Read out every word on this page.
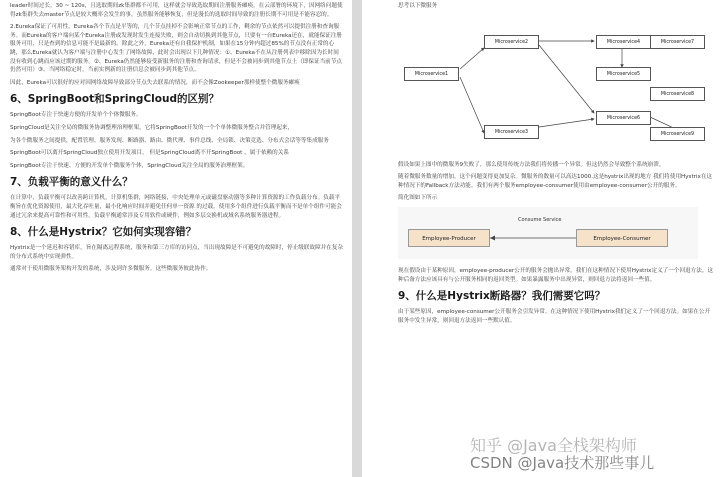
leader时间过长，30 ~ 120s，且选取期间zk集群都不可用，这样就会导致选取期间注册服务瘫痪。在云部署的环境下，因网络问题使得zk集群失去master节点是较大概率会发生的事，虽然服务能够恢复，但是漫长的选取时间导致的注册长期不可用是不能容忍的。

2.Eureka保证了可用性，Eureka各个节点是平等的，几个节点挂掉不会影响正常节点的工作，剩余的节点依然可以提供注册和查询服务。而Eureka的客户端向某个Eureka注册或发现时发生连接失败，则会自动切换到其他节点，只要有一台Eureka还在，就能保证注册服务可用，只是查到的信息可能不是最新的。除此之外，Eureka还有自我保护机制，如果在15分钟内超过85%的节点没有正常的心跳，那么Eureka就认为客户端与注册中心发生了网络故障，此时会出现以下几种情况：①、Eureka不在从注册列表中移除因为长时间没有收到心跳而应该过期的服务。②、Eureka仍然能够接受新服务的注册和查询请求，但是不会被同步到其他节点上（即保证当前节点仍然可用）③、当网络稳定时，当前实例新的注册信息会被同步到其他节点。

因此，Eureka可以很好的应对因网络故障导致部分节点失去联系的情况，而不会像Zookeeper那样使整个微服务瘫痪

6、SpringBoot和SpringCloud的区别？

SpringBoot专注于快速方便的开发单个个体微服务。

SpringCloud是关注全局的微服务协调整理治理框架，它将SpringBoot开发的一个个单体微服务整合并管理起来，

为各个微服务之间提供，配置管理、服务发现、断路器、路由、微代理、事件总线、全局锁、决策竞选、分布式会话等等集成服务

SpringBoot可以离开SpringCloud独立使用开发项目， 但是SpringCloud离不开SpringBoot ，属于依赖的关系

SpringBoot专注于快速、方便的开发单个微服务个体，SpringCloud关注全局的服务治理框架。

7、负载平衡的意义什么？

在计算中，负载平衡可以改善跨计算机，计算机集群，网络链接，中央处理单元或磁盘驱动器等多种计算资源的工作负载分布。负载平衡旨在优化资源使用，最大化吞吐量，最小化响应时间并避免任何单一资源 的过载。使用多个组件进行负载平衡而不是单个组件可能会通过冗余来提高可靠性和可用性。负载平衡通常涉及专用软件或硬件，例如多层交换机或域名系统服务器进程。

8、什么是Hystrix？它如何实现容错？

Hystrix是一个延迟和容错库，旨在隔离远程系统，服务和第三方库的访问点，当出现故障是不可避免的故障时，停止级联故障并在复杂的分布式系统中实现弹性。

通常对于使用微服务架构开发的系统，涉及到许多微服务。这些微服务彼此协作。

思考以下微服务

Microservice1
Microservice2
Microservice3
Microservice4
Microservice5
Microservice6
Microservice7
Microservice8
Microservice9

假设如果上图中的微服务9失败了，那么使用传统方法我们将传播一个异常。但这仍然会导致整个系统崩溃。

随着微服务数量的增加，这个问题变得更加复杂。微服务的数量可以高达1000.这是hystrix出现的地方 我们将使用Hystrix在这种情况下的Fallback方法功能。我们有两个服务employee-consumer使用由employee-consumer公开的服务。

简化图如下所示

Employee-Producer
Consume Service
Employee-Consumer

现在假设由于某种原因，employee-producer公开的服务会抛出异常。我们在这种情况下使用Hystrix定义了一个回退方法。这种后备方法应该具有与公开服务相同的返回类型。如果暴露服务中出现异常，则回退方法将返回一些值。

9、什么是Hystrix断路器？我们需要它吗？

由于某些原因，employee-consumer公开服务会引发异常。在这种情况下使用Hystrix我们定义了一个回退方法。如果在公开服务中发生异常，则回退方法返回一些默认值。

知乎 @Java全栈架构师
CSDN @Java技术那些事儿
